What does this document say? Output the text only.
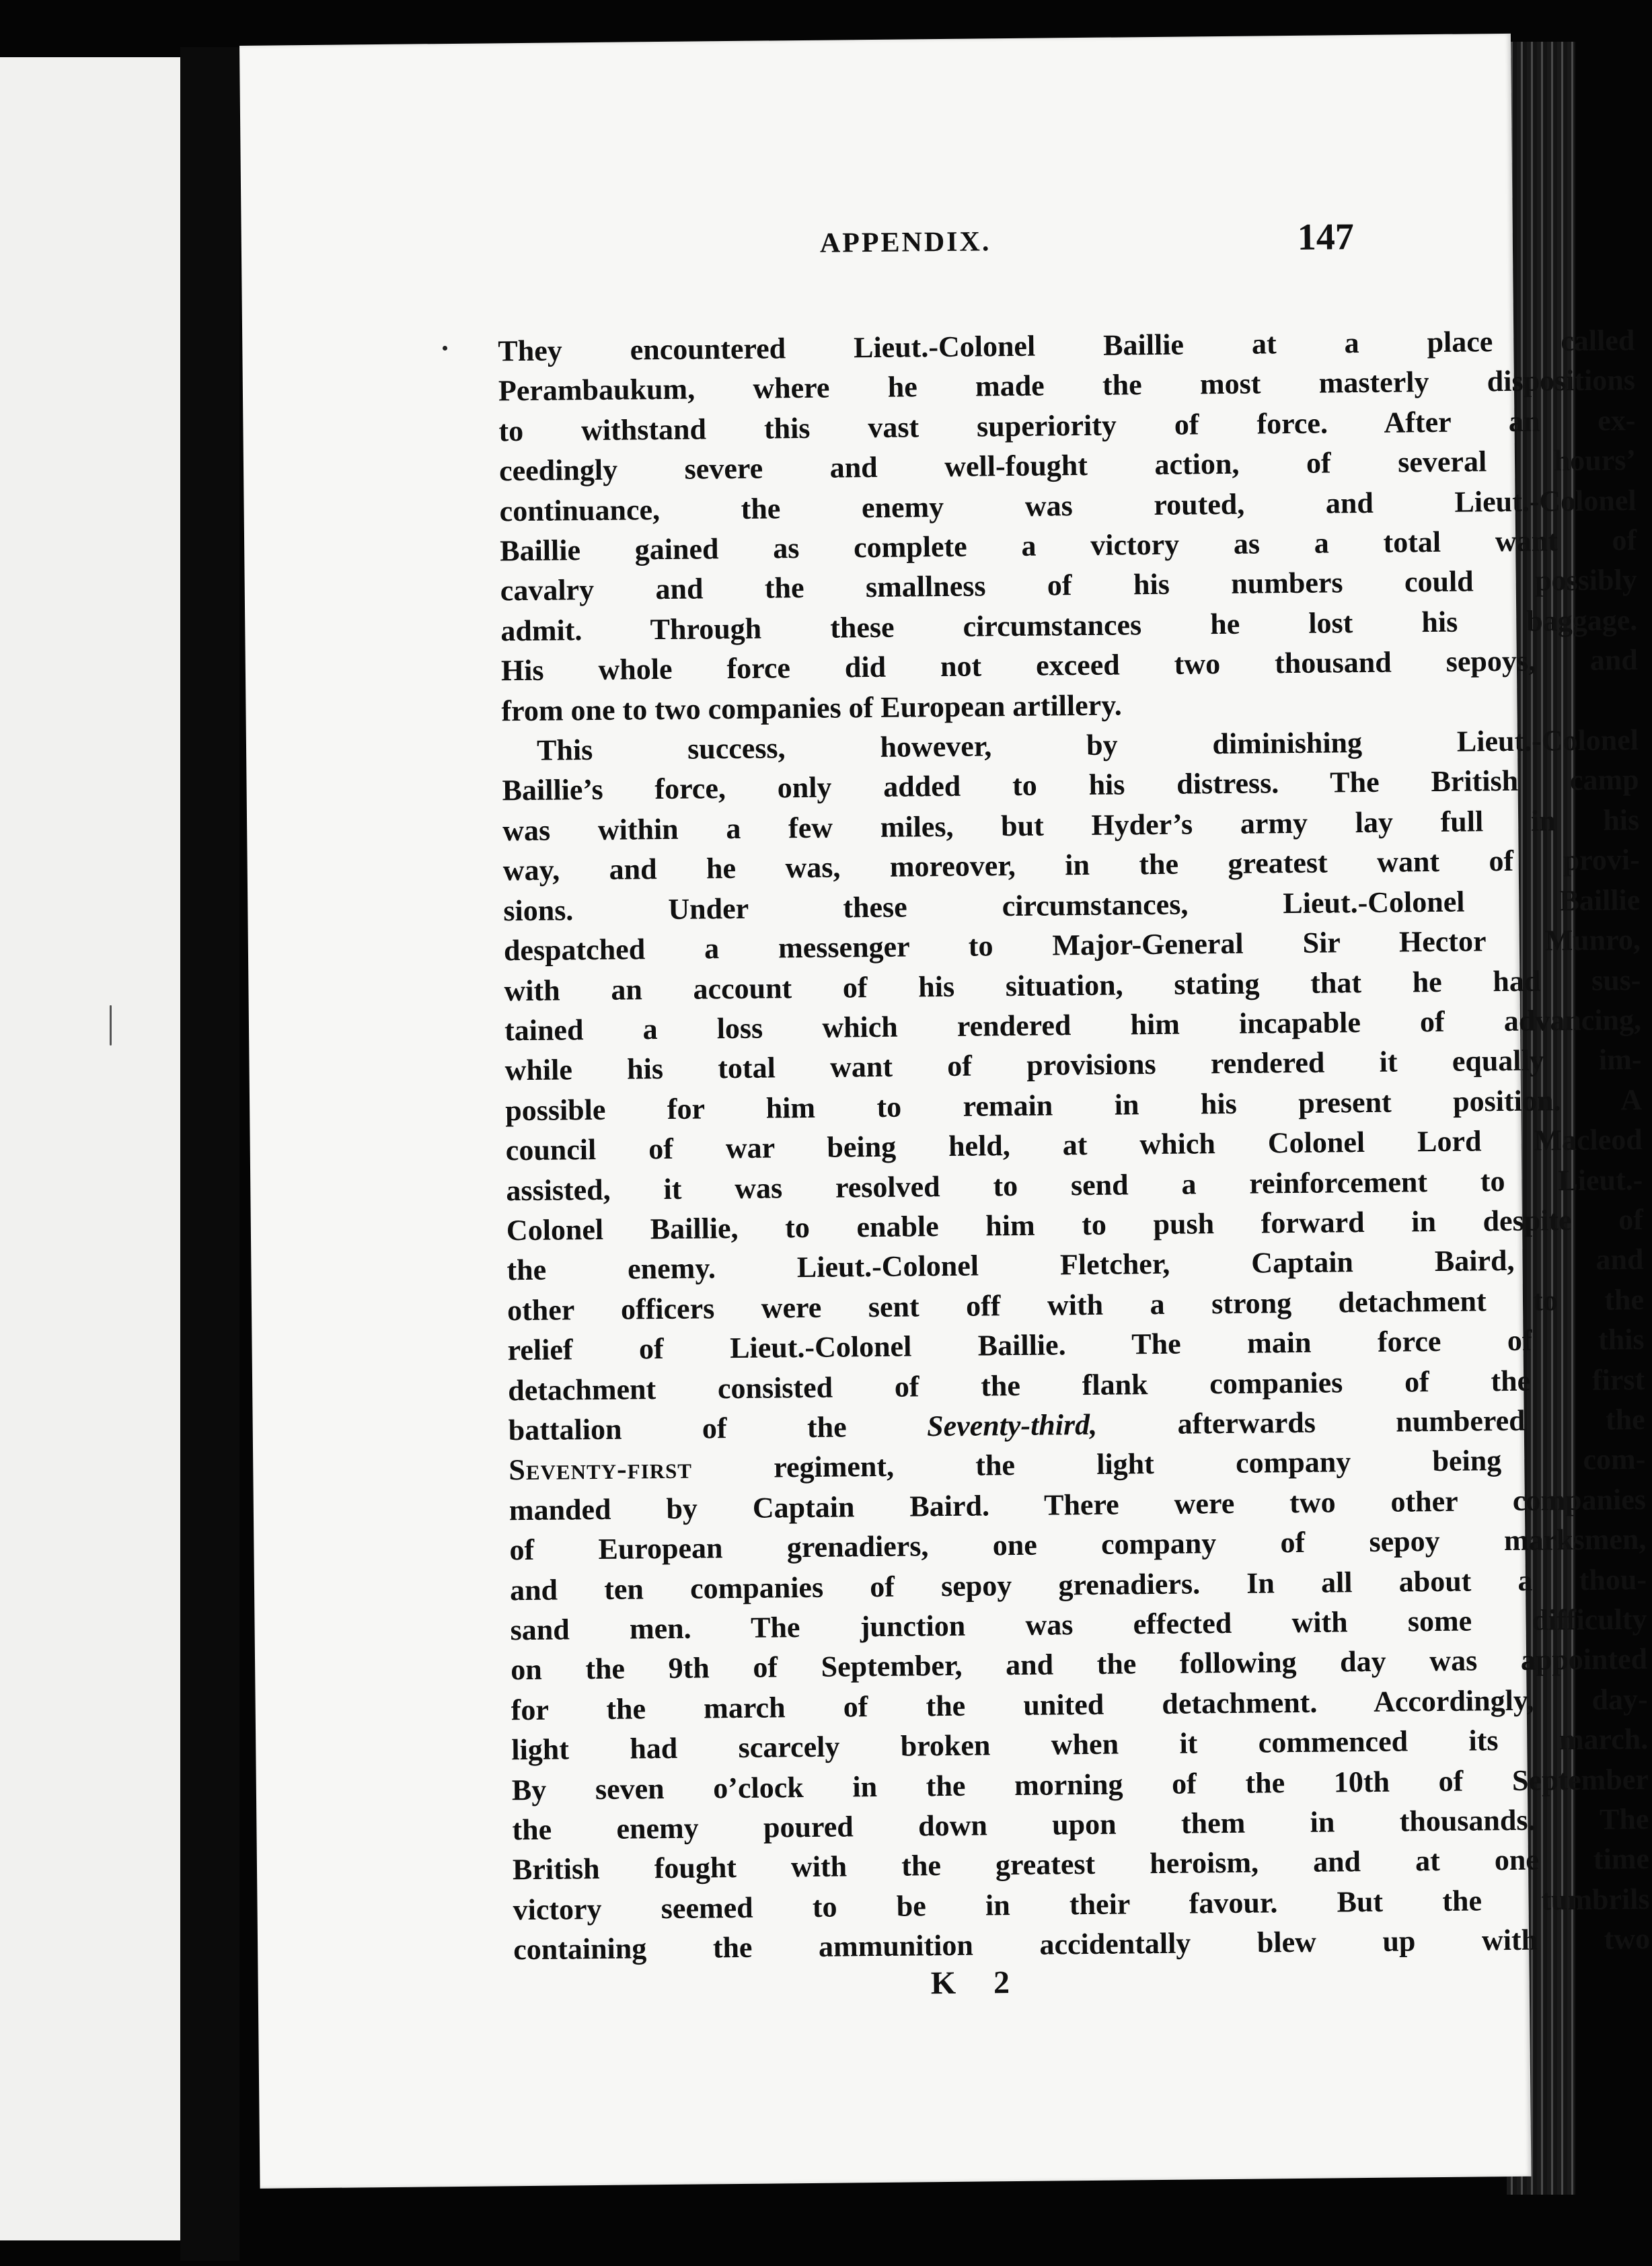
APPENDIX.	147

They encountered Lieut.-Colonel Baillie at a place called

Perambaukum, where he made the most masterly dispositions

to withstand this vast superiority of force. After an ex-

ceedingly severe and well-fought action, of several hours’

continuance, the enemy was routed, and Lieut.-Colonel

Baillie gained as complete a victory as a total want of

cavalry and the smallness of his numbers could possibly

admit. Through these circumstances he lost his baggage.

His whole force did not exceed two thousand sepoys, and

from one to two companies of European artillery.

This success, however, by diminishing Lieut.-Colonel

Baillie’s force, only added to his distress. The British camp

was within a few miles, but Hyder’s army lay full in his

way, and he was, moreover, in the greatest want of provi-

sions. Under these circumstances, Lieut.-Colonel Baillie

despatched a messenger to Major-General Sir Hector Munro,

with an account of his situation, stating that he had sus-

tained a loss which rendered him incapable of advancing,

while his total want of provisions rendered it equally im-

possible for him to remain in his present position. A

council of war being held, at which Colonel Lord Macleod

assisted, it was resolved to send a reinforcement to Lieut.-

Colonel Baillie, to enable him to push forward in despite of

the enemy. Lieut.-Colonel Fletcher, Captain Baird, and

other officers were sent off with a strong detachment to the

relief of Lieut.-Colonel Baillie. The main force of this

detachment consisted of the flank companies of the first

battalion of the Seventy-third, afterwards numbered the

Seventy-first regiment, the light company being com-

manded by Captain Baird. There were two other companies

of European grenadiers, one company of sepoy marksmen,

and ten companies of sepoy grenadiers. In all about a thou-

sand men. The junction was effected with some difficulty

on the 9th of September, and the following day was appointed

for the march of the united detachment. Accordingly, day-

light had scarcely broken when it commenced its march.

By seven o’clock in the morning of the 10th of September

the enemy poured down upon them in thousands. The

British fought with the greatest heroism, and at one time

victory seemed to be in their favour. But the tumbrils

containing the ammunition accidentally blew up with two

K 2
